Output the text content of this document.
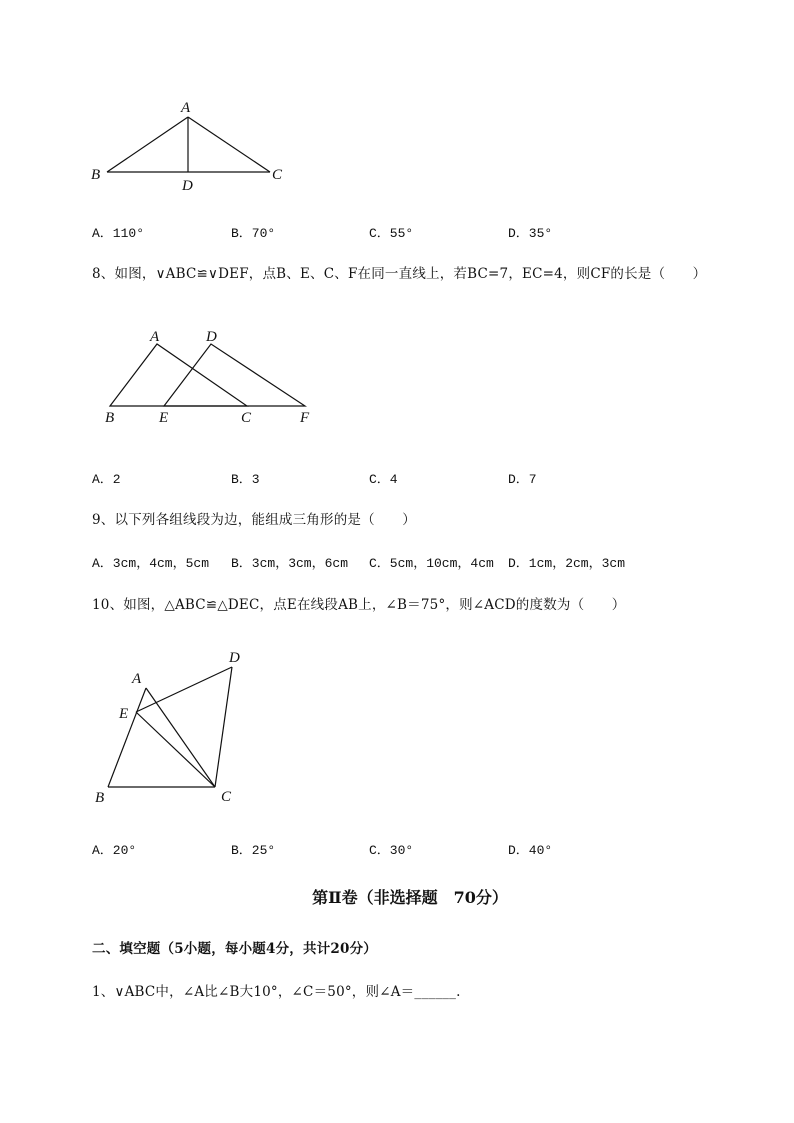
A
B	C
D
A．110°	B．70°	C．55°	D．35°
8、如图，∨ABC≌∨DEF，点B、E、C、F在同一直线上，若BC=7，EC=4，则CF的长是（　　）
A	D
B	E	C	F
A．2	B．3	C．4	D．7
9、以下列各组线段为边，能组成三角形的是（　　）
A．3cm，4cm，5cm B．3cm，3cm，6cm C．5cm，10cm，4cm D．1cm，2cm，3cm
10、如图，△ABC≌△DEC，点E在线段AB上，∠B＝75°，则∠ACD的度数为（　　）
A
D
E
B	C
A．20°	B．25°	C．30°	D．40°
第Ⅱ卷（非选择题　70分）
二、填空题（5小题，每小题4分，共计20分）
1、∨ABC中，∠A比∠B大10°，∠C＝50°，则∠A＝______.
